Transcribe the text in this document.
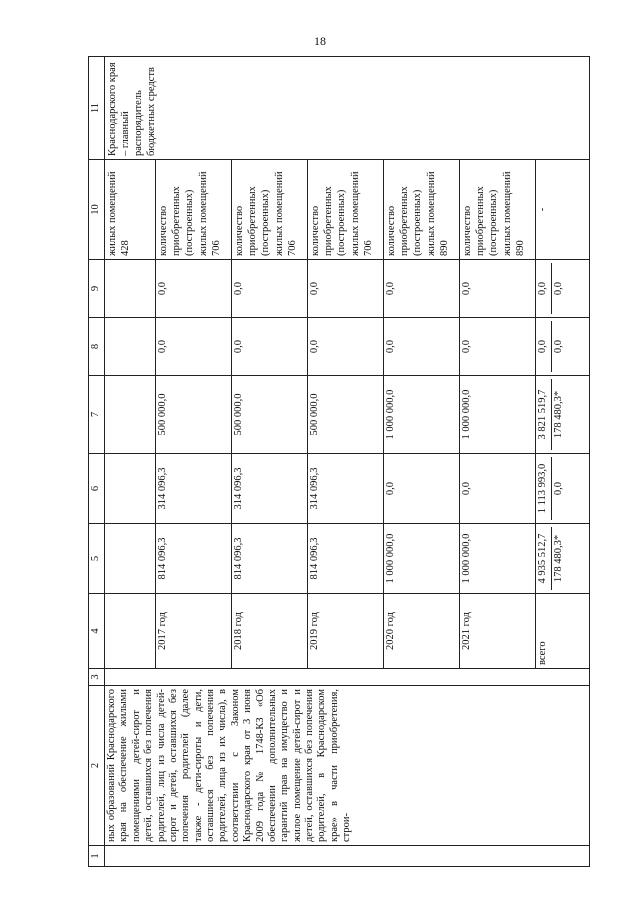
18
1	2	3	4	5	6	7	8	9	10	11
	ных образований Краснодарского края на обеспечение жилыми помещениями детей-сирот и детей, оставшихся без попечения родителей, лиц из числа детей-сирот и детей, оставшихся без попечения родителей (далее также - дети-сироты и дети, оставшиеся без попечения родителей, лица из их числа), в соответствии с Законом Краснодарского края от 3 июня 2009 года № 1748-КЗ «Об обеспечении дополнительных гарантий прав на имущество и жилое помещение детей-сирот и детей, оставшихся без попечения родителей, в Краснодарском крае» в части приобретения, строи-								жилых помещений 428	Краснодарского края – главный распорядитель бюджетных средств
			2017 год	814 096,3	314 096,3	500 000,0	0,0	0,0	количество приобретенных (построенных) жилых помещений 706	
			2018 год	814 096,3	314 096,3	500 000,0	0,0	0,0	количество приобретенных (построенных) жилых помещений 706	
			2019 год	814 096,3	314 096,3	500 000,0	0,0	0,0	количество приобретенных (построенных) жилых помещений 706	
			2020 год	1 000 000,0	0,0	1 000 000,0	0,0	0,0	количество приобретенных (построенных) жилых помещений 890	
			2021 год	1 000 000,0	0,0	1 000 000,0	0,0	0,0	количество приобретенных (построенных) жилых помещений 890	
			всего	4 935 512,7 178 480,3*	1 113 993,0 0,0	3 821 519,7 178 480,3*	0,0 0,0	0,0 0,0	-	
